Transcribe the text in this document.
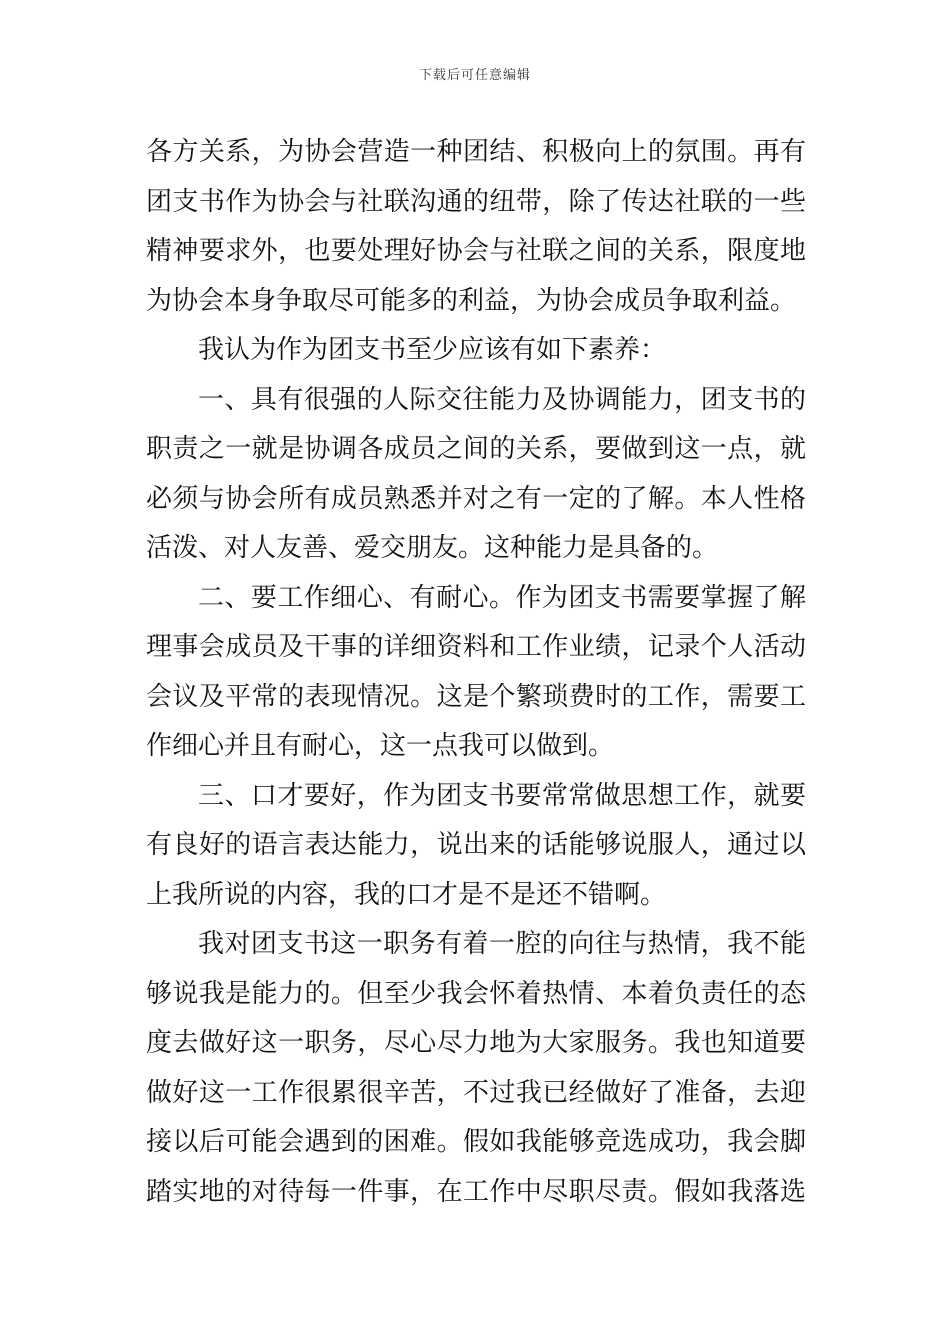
下载后可任意编辑
各方关系，为协会营造一种团结、积极向上的氛围。再有
团支书作为协会与社联沟通的纽带，除了传达社联的一些
精神要求外，也要处理好协会与社联之间的关系，限度地
为协会本身争取尽可能多的利益，为协会成员争取利益。
我认为作为团支书至少应该有如下素养：
一、具有很强的人际交往能力及协调能力，团支书的
职责之一就是协调各成员之间的关系，要做到这一点，就
必须与协会所有成员熟悉并对之有一定的了解。本人性格
活泼、对人友善、爱交朋友。这种能力是具备的。
二、要工作细心、有耐心。作为团支书需要掌握了解
理事会成员及干事的详细资料和工作业绩，记录个人活动
会议及平常的表现情况。这是个繁琐费时的工作，需要工
作细心并且有耐心，这一点我可以做到。
三、口才要好，作为团支书要常常做思想工作，就要
有良好的语言表达能力，说出来的话能够说服人，通过以
上我所说的内容，我的口才是不是还不错啊。
我对团支书这一职务有着一腔的向往与热情，我不能
够说我是能力的。但至少我会怀着热情、本着负责任的态
度去做好这一职务，尽心尽力地为大家服务。我也知道要
做好这一工作很累很辛苦，不过我已经做好了准备，去迎
接以后可能会遇到的困难。假如我能够竞选成功，我会脚
踏实地的对待每一件事，在工作中尽职尽责。假如我落选
